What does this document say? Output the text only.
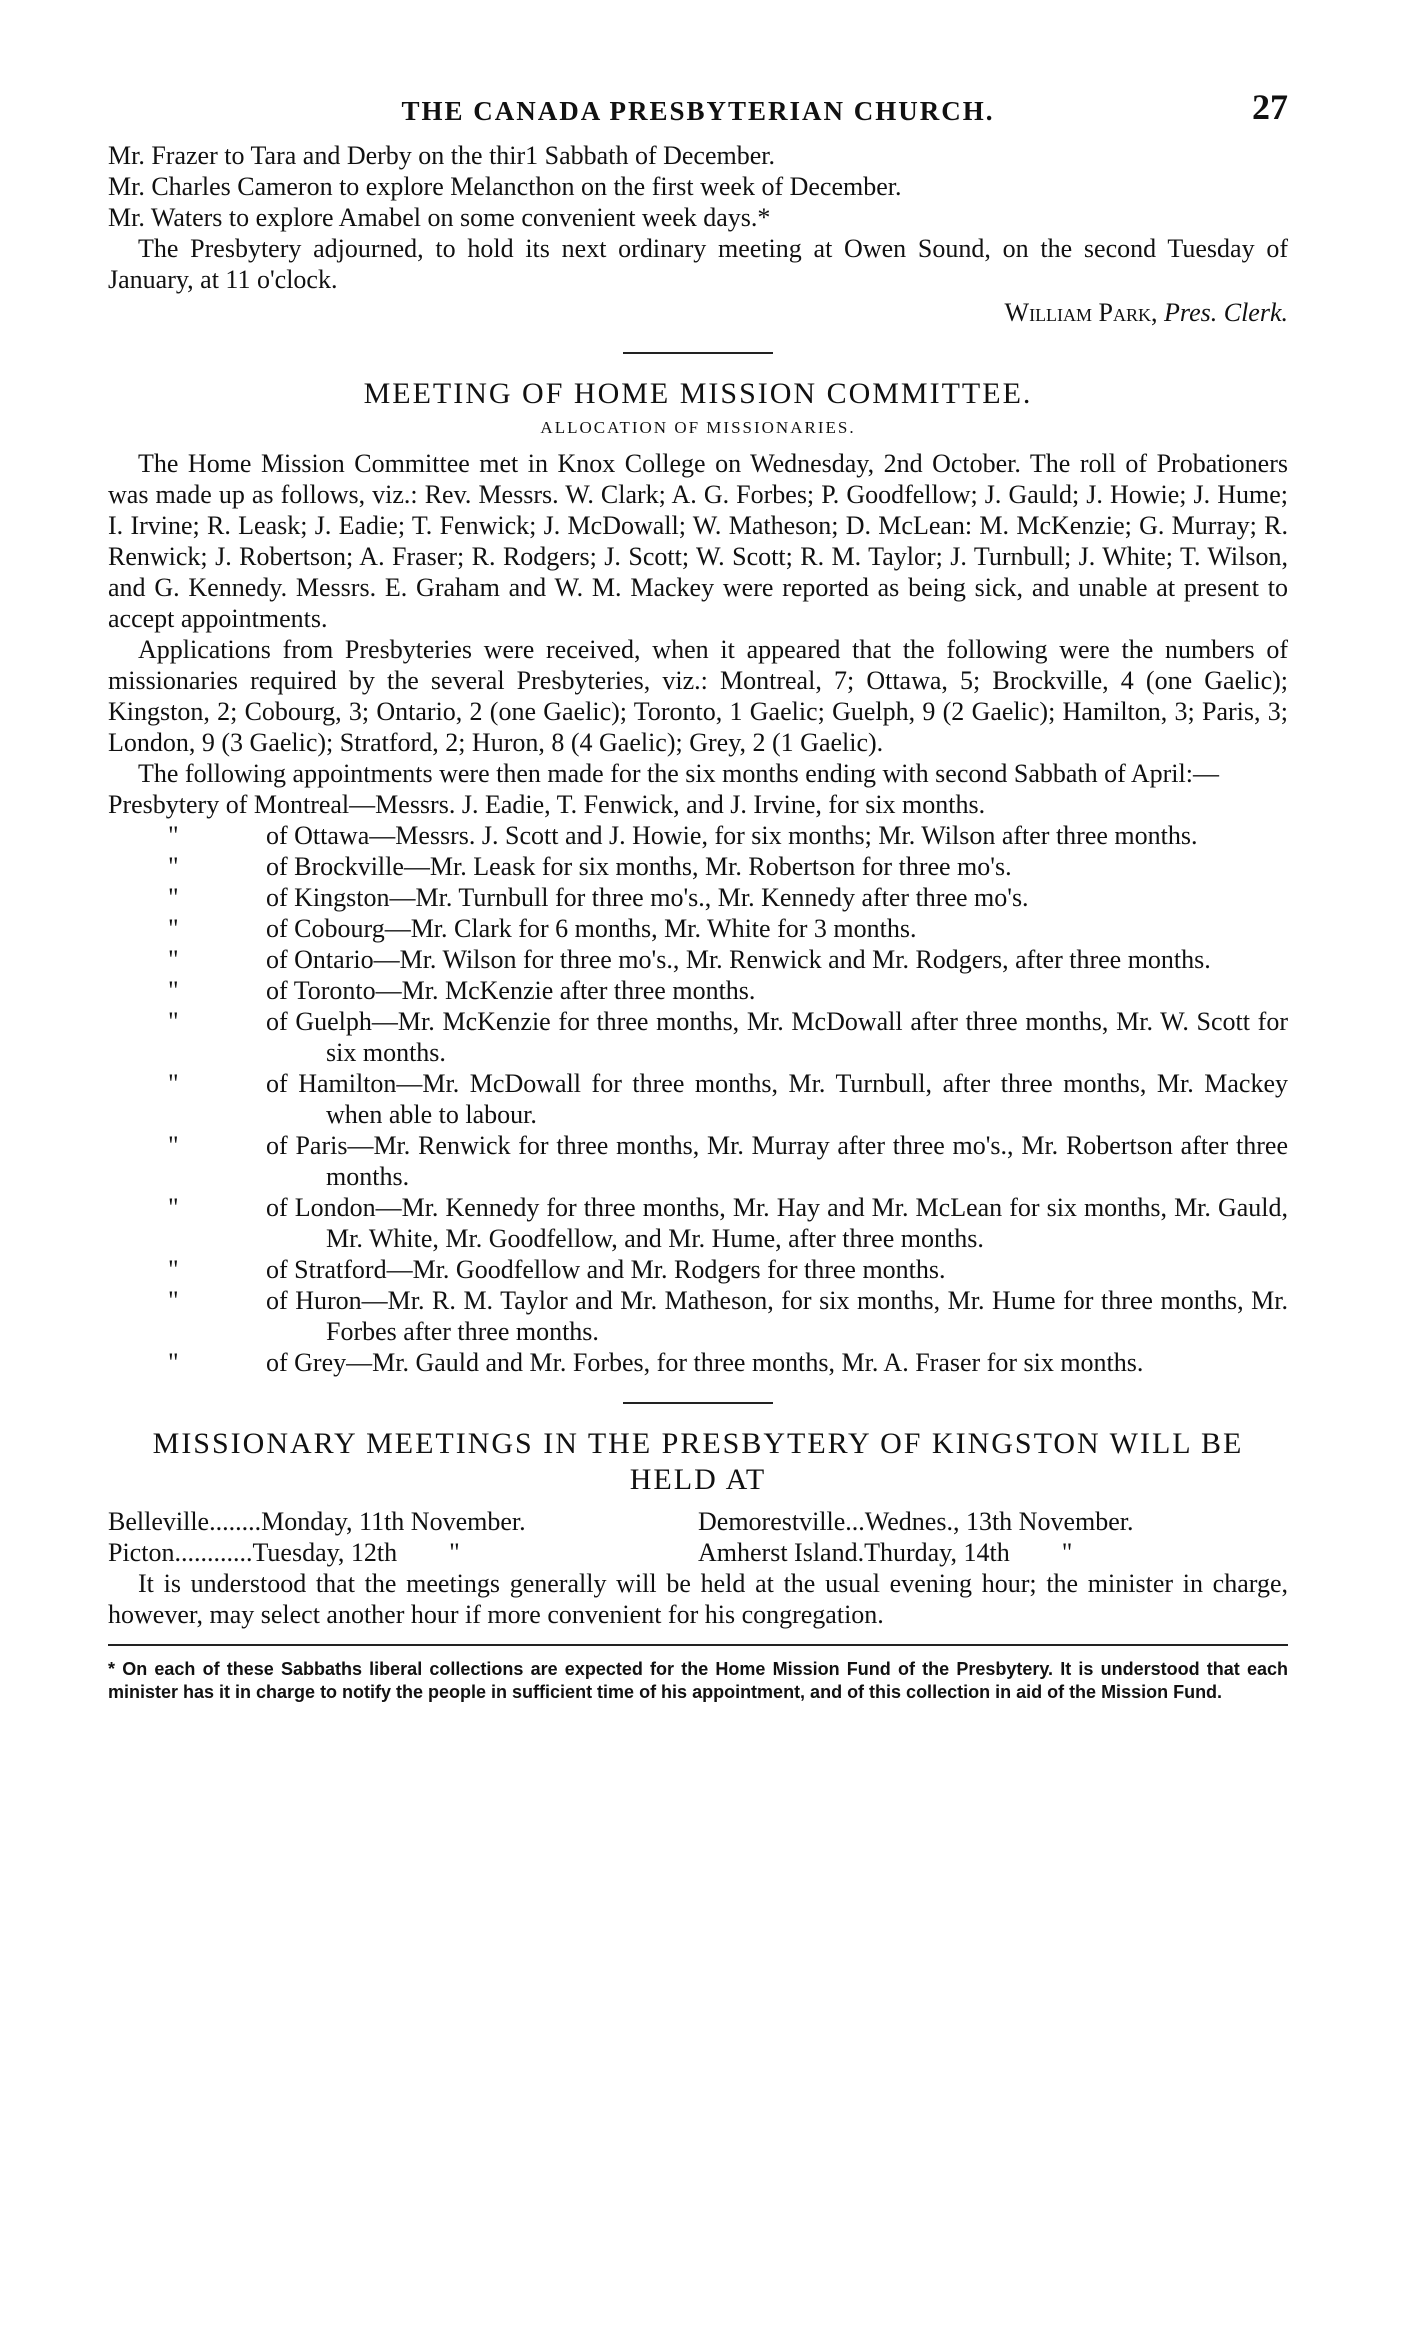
THE CANADA PRESBYTERIAN CHURCH.	27

Mr. Frazer to Tara and Derby on the thir1 Sabbath of December.

Mr. Charles Cameron to explore Melancthon on the first week of December.

Mr. Waters to explore Amabel on some convenient week days.*

The Presbytery adjourned, to hold its next ordinary meeting at Owen Sound, on the second Tuesday of January, at 11 o'clock.

William Park, Pres. Clerk.
MEETING OF HOME MISSION COMMITTEE.
ALLOCATION OF MISSIONARIES.

The Home Mission Committee met in Knox College on Wednesday, 2nd October. The roll of Probationers was made up as follows, viz.: Rev. Messrs. W. Clark; A. G. Forbes; P. Goodfellow; J. Gauld; J. Howie; J. Hume; I. Irvine; R. Leask; J. Eadie; T. Fenwick; J. McDowall; W. Matheson; D. McLean: M. McKenzie; G. Murray; R. Renwick; J. Robertson; A. Fraser; R. Rodgers; J. Scott; W. Scott; R. M. Taylor; J. Turnbull; J. White; T. Wilson, and G. Kennedy. Messrs. E. Graham and W. M. Mackey were reported as being sick, and unable at present to accept appointments.

Applications from Presbyteries were received, when it appeared that the following were the numbers of missionaries required by the several Presbyteries, viz.: Montreal, 7; Ottawa, 5; Brockville, 4 (one Gaelic); Kingston, 2; Cobourg, 3; Ontario, 2 (one Gaelic); Toronto, 1 Gaelic; Guelph, 9 (2 Gaelic); Hamilton, 3; Paris, 3; London, 9 (3 Gaelic); Stratford, 2; Huron, 8 (4 Gaelic); Grey, 2 (1 Gaelic).

The following appointments were then made for the six months ending with second Sabbath of April:—

Presbytery of Montreal—Messrs. J. Eadie, T. Fenwick, and J. Irvine, for six months.
"	of Ottawa—Messrs. J. Scott and J. Howie, for six months; Mr. Wilson after three months.
"	of Brockville—Mr. Leask for six months, Mr. Robertson for three mo's.
"	of Kingston—Mr. Turnbull for three mo's., Mr. Kennedy after three mo's.
"	of Cobourg—Mr. Clark for 6 months, Mr. White for 3 months.
"	of Ontario—Mr. Wilson for three mo's., Mr. Renwick and Mr. Rodgers, after three months.
"	of Toronto—Mr. McKenzie after three months.
"	of Guelph—Mr. McKenzie for three months, Mr. McDowall after three months, Mr. W. Scott for six months.
"	of Hamilton—Mr. McDowall for three months, Mr. Turnbull, after three months, Mr. Mackey when able to labour.
"	of Paris—Mr. Renwick for three months, Mr. Murray after three mo's., Mr. Robertson after three months.
"	of London—Mr. Kennedy for three months, Mr. Hay and Mr. McLean for six months, Mr. Gauld, Mr. White, Mr. Goodfellow, and Mr. Hume, after three months.
"	of Stratford—Mr. Goodfellow and Mr. Rodgers for three months.
"	of Huron—Mr. R. M. Taylor and Mr. Matheson, for six months, Mr. Hume for three months, Mr. Forbes after three months.
"	of Grey—Mr. Gauld and Mr. Forbes, for three months, Mr. A. Fraser for six months.
MISSIONARY MEETINGS IN THE PRESBYTERY OF KINGSTON WILL BE HELD AT
Belleville........Monday, 11th November.	Demorestville...Wednes., 13th November.
Picton............Tuesday, 12th        "	Amherst Island.Thurday, 14th        "

It is understood that the meetings generally will be held at the usual evening hour; the minister in charge, however, may select another hour if more convenient for his congregation.

* On each of these Sabbaths liberal collections are expected for the Home Mission Fund of the Presbytery. It is understood that each minister has it in charge to notify the people in sufficient time of his appointment, and of this collection in aid of the Mission Fund.
